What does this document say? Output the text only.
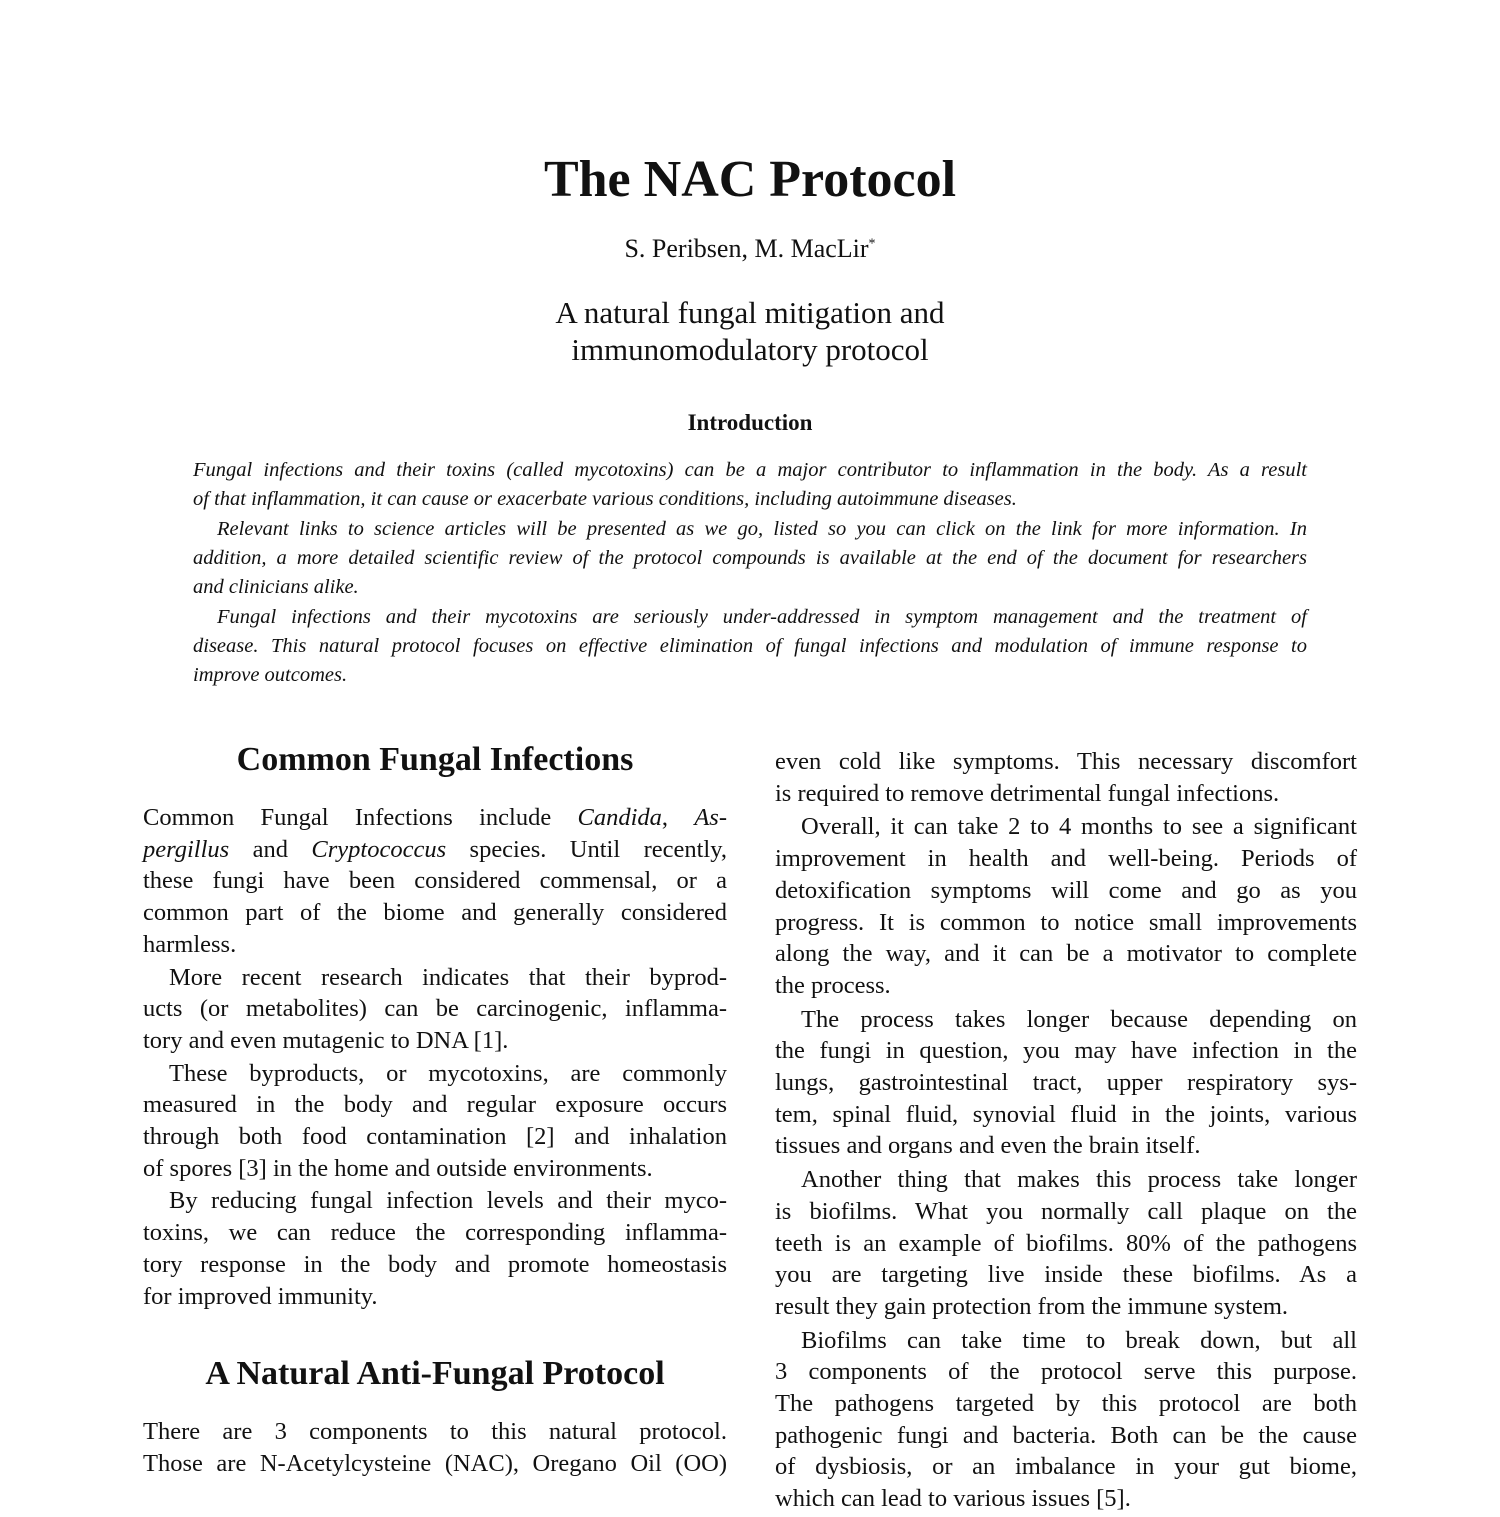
The NAC Protocol
S. Peribsen, M. MacLir*
A natural fungal mitigation and
immunomodulatory protocol
Introduction
Fungal infections and their toxins (called mycotoxins) can be a major contributor to inflammation in the body. As a result
of that inflammation, it can cause or exacerbate various conditions, including autoimmune diseases.
Relevant links to science articles will be presented as we go, listed so you can click on the link for more information. In
addition, a more detailed scientific review of the protocol compounds is available at the end of the document for researchers
and clinicians alike.
Fungal infections and their mycotoxins are seriously under-addressed in symptom management and the treatment of
disease. This natural protocol focuses on effective elimination of fungal infections and modulation of immune response to
improve outcomes.
Common Fungal Infections
Common Fungal Infections include Candida, As-
pergillus and Cryptococcus species. Until recently,
these fungi have been considered commensal, or a
common part of the biome and generally considered
harmless.
More recent research indicates that their byprod-
ucts (or metabolites) can be carcinogenic, inflamma-
tory and even mutagenic to DNA [1].
These byproducts, or mycotoxins, are commonly
measured in the body and regular exposure occurs
through both food contamination [2] and inhalation
of spores [3] in the home and outside environments.
By reducing fungal infection levels and their myco-
toxins, we can reduce the corresponding inflamma-
tory response in the body and promote homeostasis
for improved immunity.
A Natural Anti-Fungal Protocol
There are 3 components to this natural protocol.
Those are N-Acetylcysteine (NAC), Oregano Oil (OO)
even cold like symptoms. This necessary discomfort
is required to remove detrimental fungal infections.
Overall, it can take 2 to 4 months to see a significant
improvement in health and well-being. Periods of
detoxification symptoms will come and go as you
progress. It is common to notice small improvements
along the way, and it can be a motivator to complete
the process.
The process takes longer because depending on
the fungi in question, you may have infection in the
lungs, gastrointestinal tract, upper respiratory sys-
tem, spinal fluid, synovial fluid in the joints, various
tissues and organs and even the brain itself.
Another thing that makes this process take longer
is biofilms. What you normally call plaque on the
teeth is an example of biofilms. 80% of the pathogens
you are targeting live inside these biofilms. As a
result they gain protection from the immune system.
Biofilms can take time to break down, but all
3 components of the protocol serve this purpose.
The pathogens targeted by this protocol are both
pathogenic fungi and bacteria. Both can be the cause
of dysbiosis, or an imbalance in your gut biome,
which can lead to various issues [5].
